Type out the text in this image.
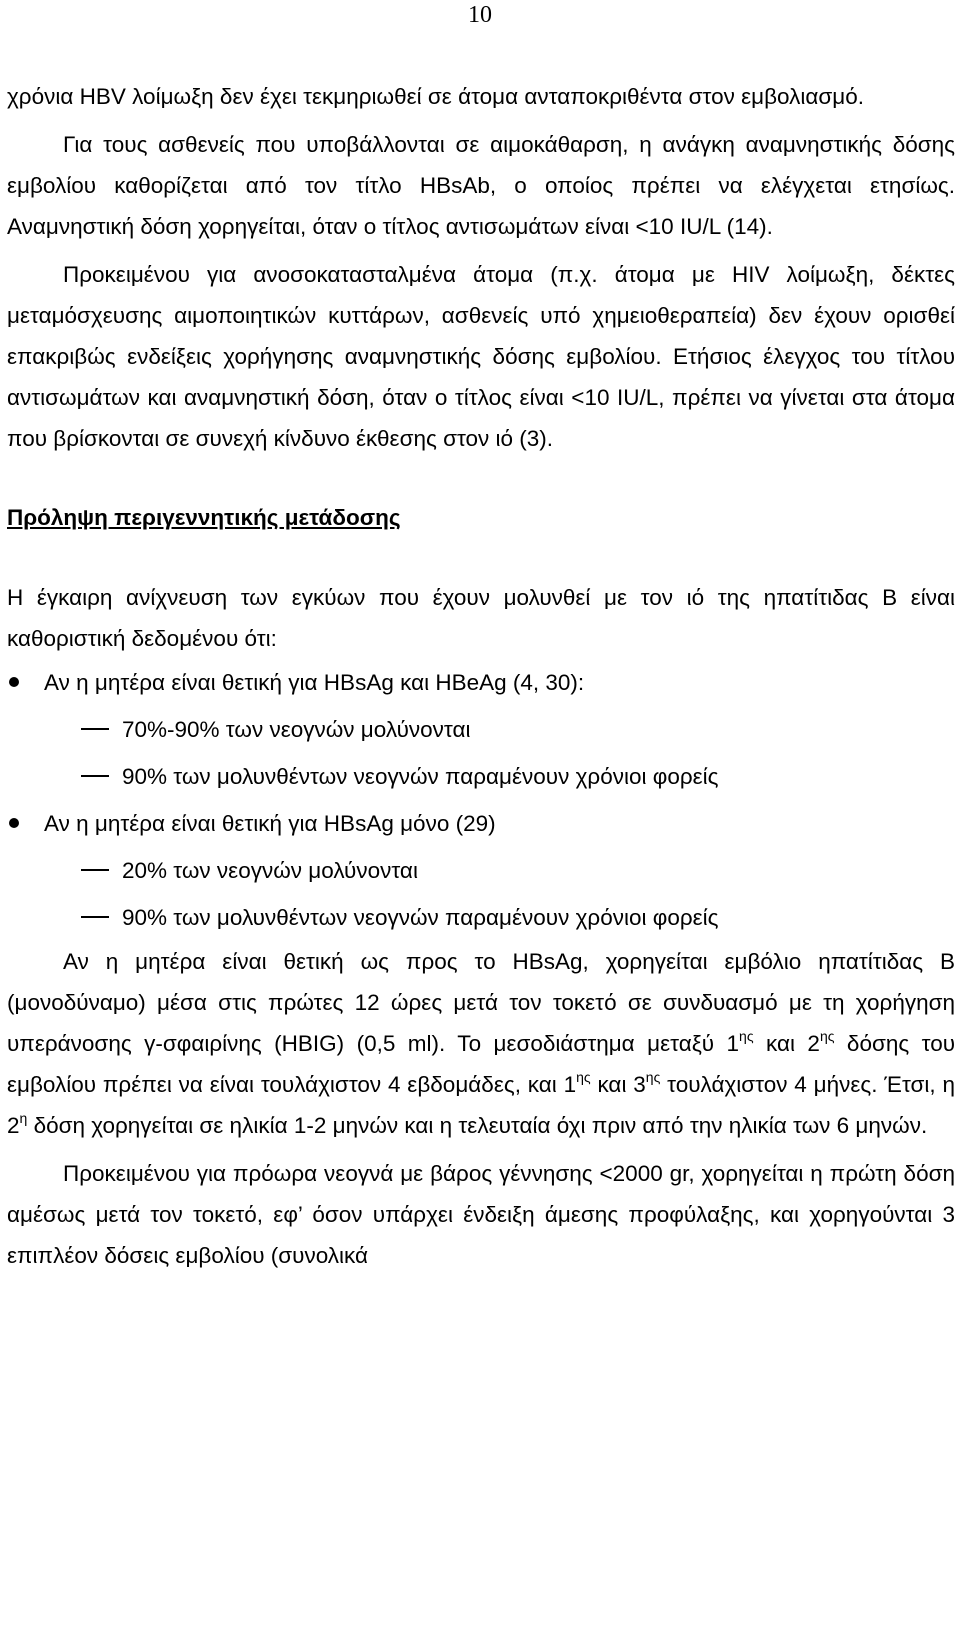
10

χρόνια HBV λοίμωξη δεν έχει τεκμηριωθεί σε άτομα ανταποκριθέντα στον εμβολιασμό.

Για τους ασθενείς που υποβάλλονται σε αιμοκάθαρση, η ανάγκη αναμνηστικής δόσης εμβολίου καθορίζεται από τον τίτλο HBsAb, ο οποίος πρέπει να ελέγχεται ετησίως. Αναμνηστική δόση χορηγείται, όταν ο τίτλος αντισωμάτων είναι <10 IU/L (14).

Προκειμένου για ανοσοκατασταλμένα άτομα (π.χ. άτομα με HIV λοίμωξη, δέκτες μεταμόσχευσης αιμοποιητικών κυττάρων, ασθενείς υπό χημειοθεραπεία) δεν έχουν ορισθεί επακριβώς ενδείξεις χορήγησης αναμνηστικής δόσης εμβολίου. Ετήσιος έλεγχος του τίτλου αντισωμάτων και αναμνηστική δόση, όταν ο τίτλος είναι <10 IU/L, πρέπει να γίνεται στα άτομα που βρίσκονται σε συνεχή κίνδυνο έκθεσης στον ιό (3).

Πρόληψη περιγεννητικής μετάδοσης

Η έγκαιρη ανίχνευση των εγκύων που έχουν μολυνθεί με τον ιό της ηπατίτιδας Β είναι καθοριστική δεδομένου ότι:

Αν η μητέρα είναι θετική για HBsAg και HBeAg (4, 30):
70%-90% των νεογνών μολύνονται
90% των μολυνθέντων νεογνών παραμένουν χρόνιοι φορείς
Αν η μητέρα είναι θετική για HBsAg μόνο (29)
20% των νεογνών μολύνονται
90% των μολυνθέντων νεογνών παραμένουν χρόνιοι φορείς

Αν η μητέρα είναι θετική ως προς το HBsAg, χορηγείται εμβόλιο ηπατίτιδας Β (μονοδύναμο) μέσα στις πρώτες 12 ώρες μετά τον τοκετό σε συνδυασμό με τη χορήγηση υπεράνοσης γ-σφαιρίνης (HBIG) (0,5 ml). Το μεσοδιάστημα μεταξύ $1^{\eta\varsigma}$ και $2^{\eta\varsigma}$ δόσης του εμβολίου πρέπει να είναι τουλάχιστον 4 εβδομάδες, και $1^{\eta\varsigma}$ και $3^{\eta\varsigma}$ τουλάχιστον 4 μήνες. Έτσι, η $2^\eta$ δόση χορηγείται σε ηλικία 1-2 μηνών και η τελευταία όχι πριν από την ηλικία των 6 μηνών.

Προκειμένου για πρόωρα νεογνά με βάρος γέννησης <2000 gr, χορηγείται η πρώτη δόση αμέσως μετά τον τοκετό, εφ’ όσον υπάρχει ένδειξη άμεσης προφύλαξης, και χορηγούνται 3 επιπλέον δόσεις εμβολίου (συνολικά
